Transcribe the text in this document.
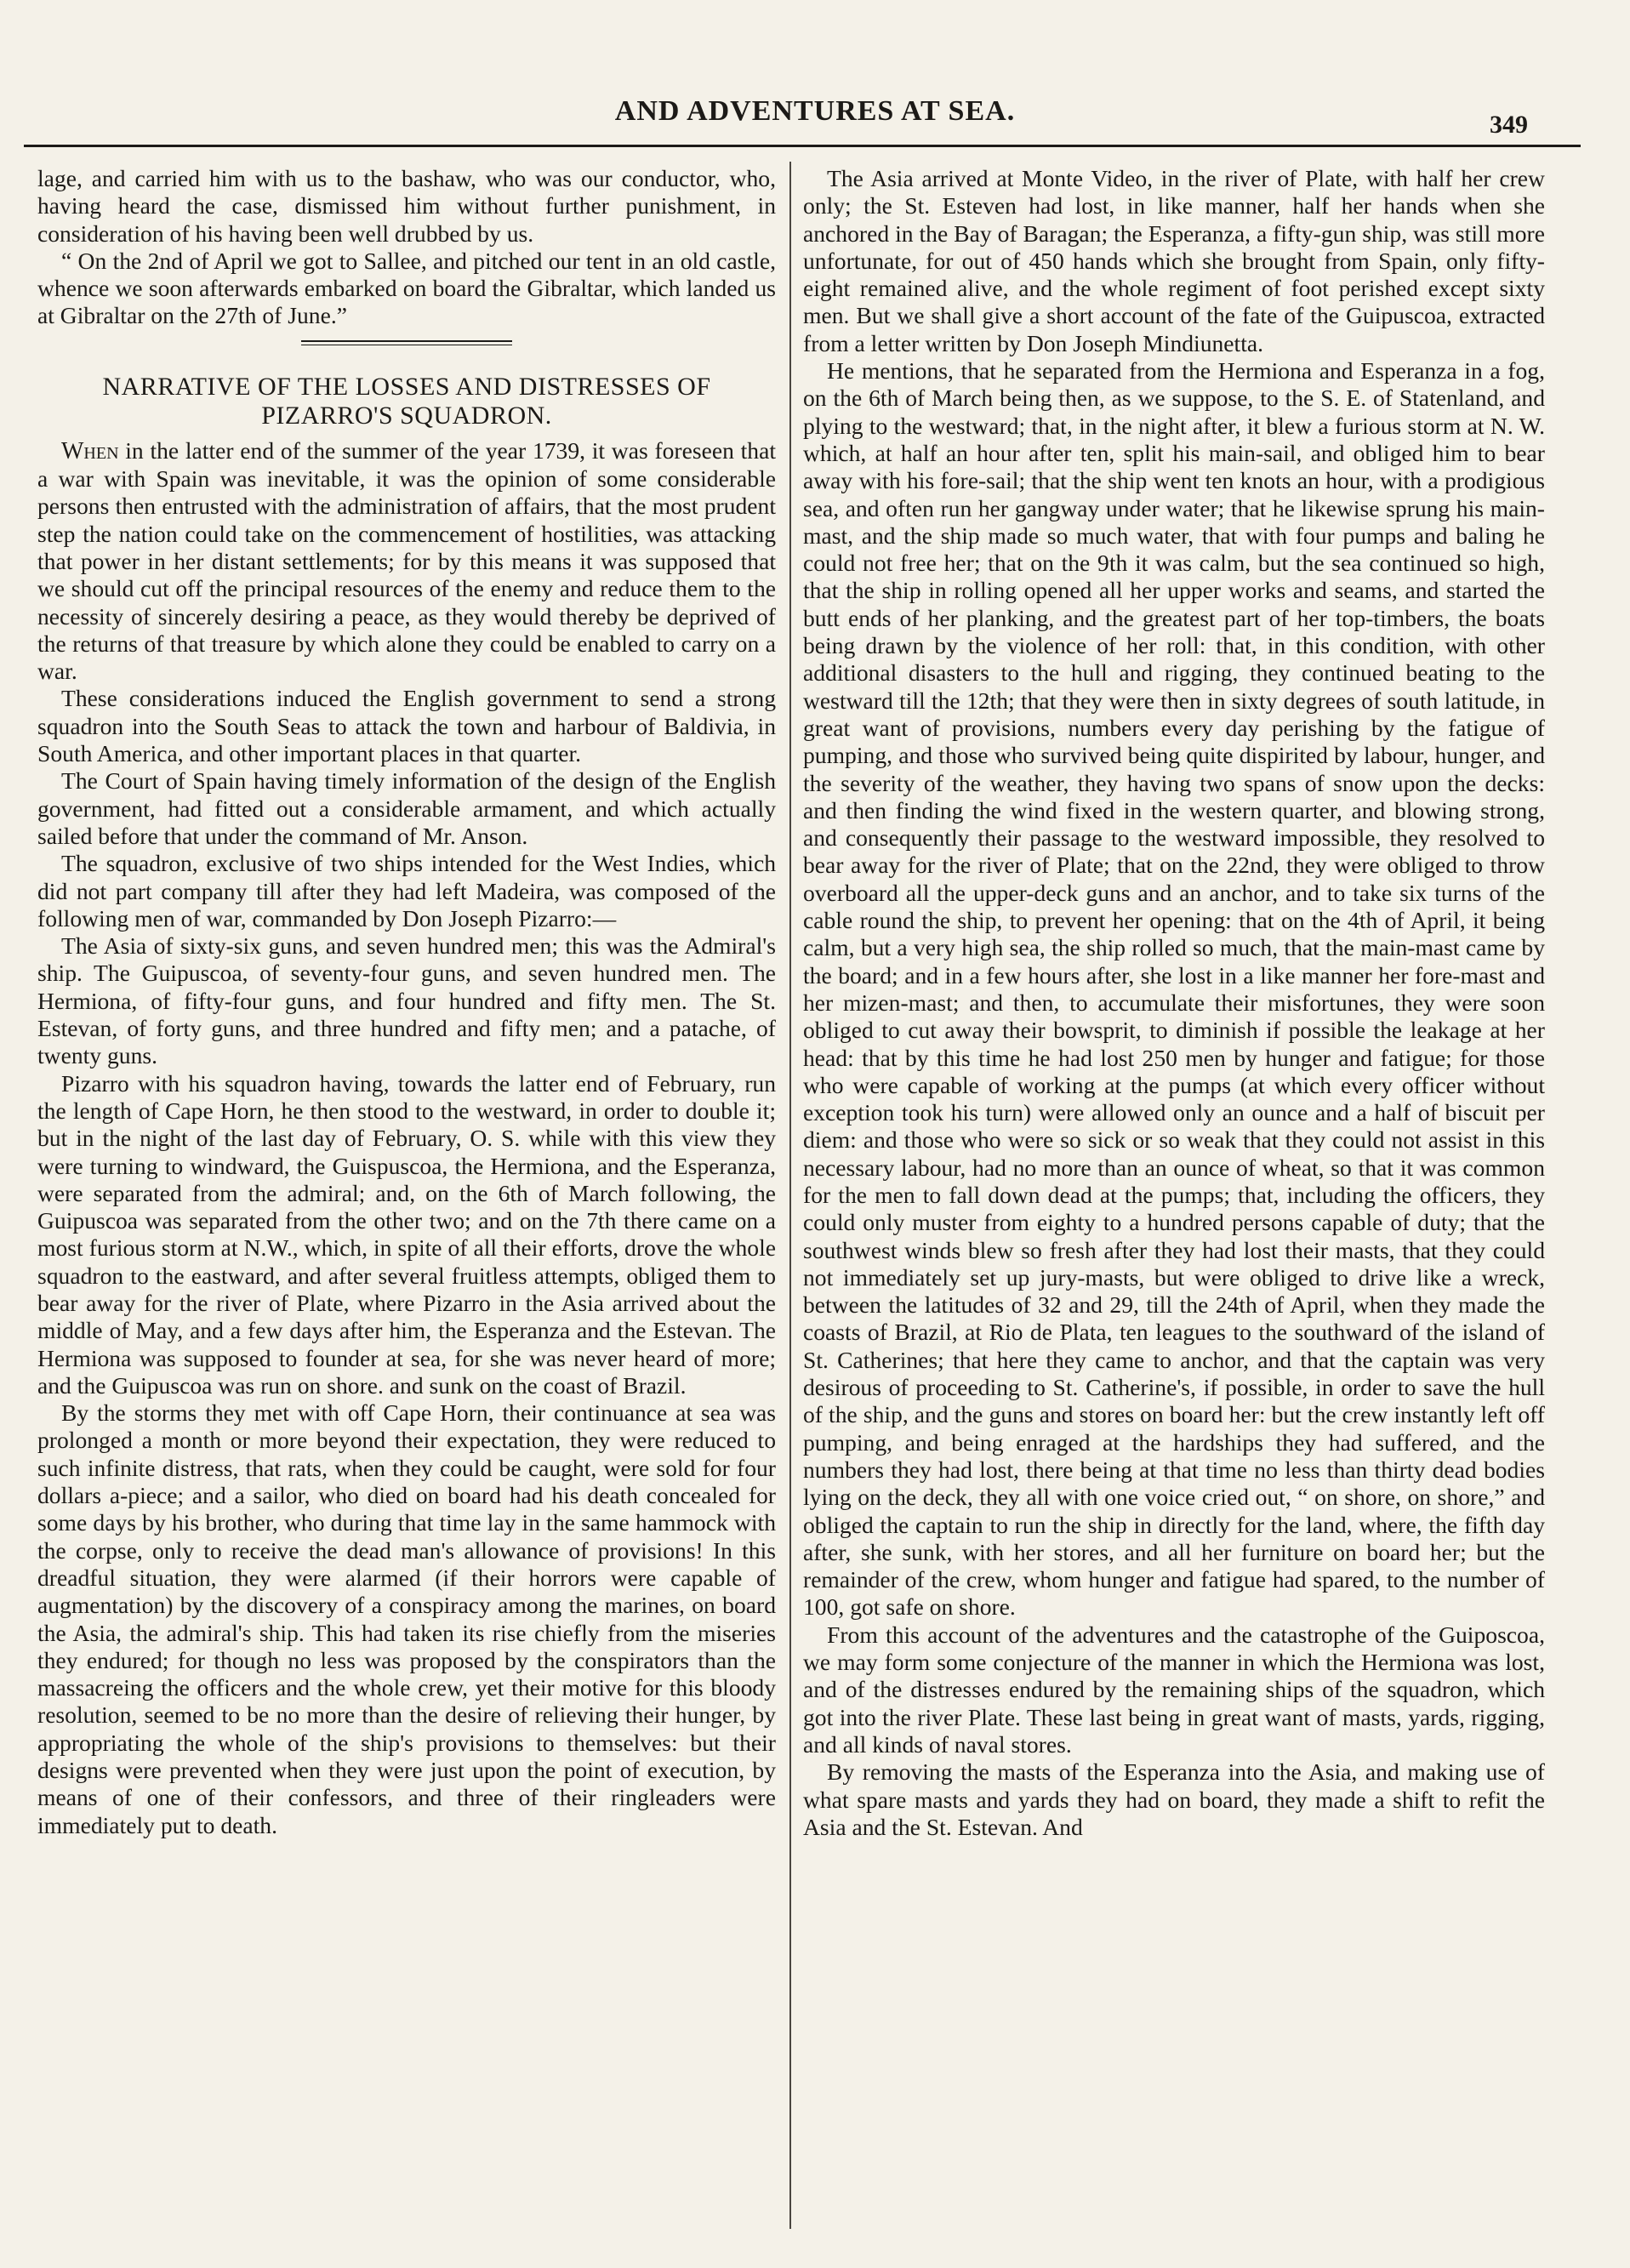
AND ADVENTURES AT SEA.	349

lage, and carried him with us to the bashaw, who was our conductor, who, having heard the case, dismissed him without further punishment, in consideration of his having been well drubbed by us.

“ On the 2nd of April we got to Sallee, and pitched our tent in an old castle, whence we soon afterwards embarked on board the Gibraltar, which landed us at Gibraltar on the 27th of June.”

NARRATIVE OF THE LOSSES AND DISTRESSES OF
PIZARRO'S SQUADRON.

When in the latter end of the summer of the year 1739, it was foreseen that a war with Spain was inevitable, it was the opinion of some considerable persons then entrusted with the administration of affairs, that the most prudent step the nation could take on the commencement of hostilities, was attacking that power in her distant settlements; for by this means it was supposed that we should cut off the principal resources of the enemy and reduce them to the necessity of sincerely desiring a peace, as they would thereby be deprived of the returns of that treasure by which alone they could be enabled to carry on a war.

These considerations induced the English government to send a strong squadron into the South Seas to attack the town and harbour of Baldivia, in South America, and other important places in that quarter.

The Court of Spain having timely information of the design of the English government, had fitted out a considerable armament, and which actually sailed before that under the command of Mr. Anson.

The squadron, exclusive of two ships intended for the West Indies, which did not part company till after they had left Madeira, was composed of the following men of war, commanded by Don Joseph Pizarro:—

The Asia of sixty-six guns, and seven hundred men; this was the Admiral's ship. The Guipuscoa, of seventy-four guns, and seven hundred men. The Hermiona, of fifty-four guns, and four hundred and fifty men. The St. Estevan, of forty guns, and three hundred and fifty men; and a patache, of twenty guns.

Pizarro with his squadron having, towards the latter end of February, run the length of Cape Horn, he then stood to the westward, in order to double it; but in the night of the last day of February, O. S. while with this view they were turning to windward, the Guispuscoa, the Hermiona, and the Esperanza, were separated from the admiral; and, on the 6th of March following, the Guipuscoa was separated from the other two; and on the 7th there came on a most furious storm at N.W., which, in spite of all their efforts, drove the whole squadron to the eastward, and after several fruitless attempts, obliged them to bear away for the river of Plate, where Pizarro in the Asia arrived about the middle of May, and a few days after him, the Esperanza and the Estevan. The Hermiona was supposed to founder at sea, for she was never heard of more; and the Guipuscoa was run on shore. and sunk on the coast of Brazil.

By the storms they met with off Cape Horn, their continuance at sea was prolonged a month or more beyond their expectation, they were reduced to such infinite distress, that rats, when they could be caught, were sold for four dollars a-piece; and a sailor, who died on board had his death concealed for some days by his brother, who during that time lay in the same hammock with the corpse, only to receive the dead man's allowance of provisions! In this dreadful situation, they were alarmed (if their horrors were capable of augmentation) by the discovery of a conspiracy among the marines, on board the Asia, the admiral's ship. This had taken its rise chiefly from the miseries they endured; for though no less was proposed by the conspirators than the massacreing the officers and the whole crew, yet their motive for this bloody resolution, seemed to be no more than the desire of relieving their hunger, by appropriating the whole of the ship's provisions to themselves: but their designs were prevented when they were just upon the point of execution, by means of one of their confessors, and three of their ringleaders were immediately put to death.

The Asia arrived at Monte Video, in the river of Plate, with half her crew only; the St. Esteven had lost, in like manner, half her hands when she anchored in the Bay of Baragan; the Esperanza, a fifty-gun ship, was still more unfortunate, for out of 450 hands which she brought from Spain, only fifty-eight remained alive, and the whole regiment of foot perished except sixty men. But we shall give a short account of the fate of the Guipuscoa, extracted from a letter written by Don Joseph Mindiunetta.

He mentions, that he separated from the Hermiona and Esperanza in a fog, on the 6th of March being then, as we suppose, to the S. E. of Statenland, and plying to the westward; that, in the night after, it blew a furious storm at N. W. which, at half an hour after ten, split his main-sail, and obliged him to bear away with his fore-sail; that the ship went ten knots an hour, with a prodigious sea, and often run her gangway under water; that he likewise sprung his main-mast, and the ship made so much water, that with four pumps and baling he could not free her; that on the 9th it was calm, but the sea continued so high, that the ship in rolling opened all her upper works and seams, and started the butt ends of her planking, and the greatest part of her top-timbers, the boats being drawn by the violence of her roll: that, in this condition, with other additional disasters to the hull and rigging, they continued beating to the westward till the 12th; that they were then in sixty degrees of south latitude, in great want of provisions, numbers every day perishing by the fatigue of pumping, and those who survived being quite dispirited by labour, hunger, and the severity of the weather, they having two spans of snow upon the decks: and then finding the wind fixed in the western quarter, and blowing strong, and consequently their passage to the westward impossible, they resolved to bear away for the river of Plate; that on the 22nd, they were obliged to throw overboard all the upper-deck guns and an anchor, and to take six turns of the cable round the ship, to prevent her opening: that on the 4th of April, it being calm, but a very high sea, the ship rolled so much, that the main-mast came by the board; and in a few hours after, she lost in a like manner her fore-mast and her mizen-mast; and then, to accumulate their misfortunes, they were soon obliged to cut away their bowsprit, to diminish if possible the leakage at her head: that by this time he had lost 250 men by hunger and fatigue; for those who were capable of working at the pumps (at which every officer without exception took his turn) were allowed only an ounce and a half of biscuit per diem: and those who were so sick or so weak that they could not assist in this necessary labour, had no more than an ounce of wheat, so that it was common for the men to fall down dead at the pumps; that, including the officers, they could only muster from eighty to a hundred persons capable of duty; that the southwest winds blew so fresh after they had lost their masts, that they could not immediately set up jury-masts, but were obliged to drive like a wreck, between the latitudes of 32 and 29, till the 24th of April, when they made the coasts of Brazil, at Rio de Plata, ten leagues to the southward of the island of St. Catherines; that here they came to anchor, and that the captain was very desirous of proceeding to St. Catherine's, if possible, in order to save the hull of the ship, and the guns and stores on board her: but the crew instantly left off pumping, and being enraged at the hardships they had suffered, and the numbers they had lost, there being at that time no less than thirty dead bodies lying on the deck, they all with one voice cried out, “ on shore, on shore,” and obliged the captain to run the ship in directly for the land, where, the fifth day after, she sunk, with her stores, and all her furniture on board her; but the remainder of the crew, whom hunger and fatigue had spared, to the number of 100, got safe on shore.

From this account of the adventures and the catastrophe of the Guiposcoa, we may form some conjecture of the manner in which the Hermiona was lost, and of the distresses endured by the remaining ships of the squadron, which got into the river Plate. These last being in great want of masts, yards, rigging, and all kinds of naval stores.

By removing the masts of the Esperanza into the Asia, and making use of what spare masts and yards they had on board, they made a shift to refit the Asia and the St. Estevan. And
